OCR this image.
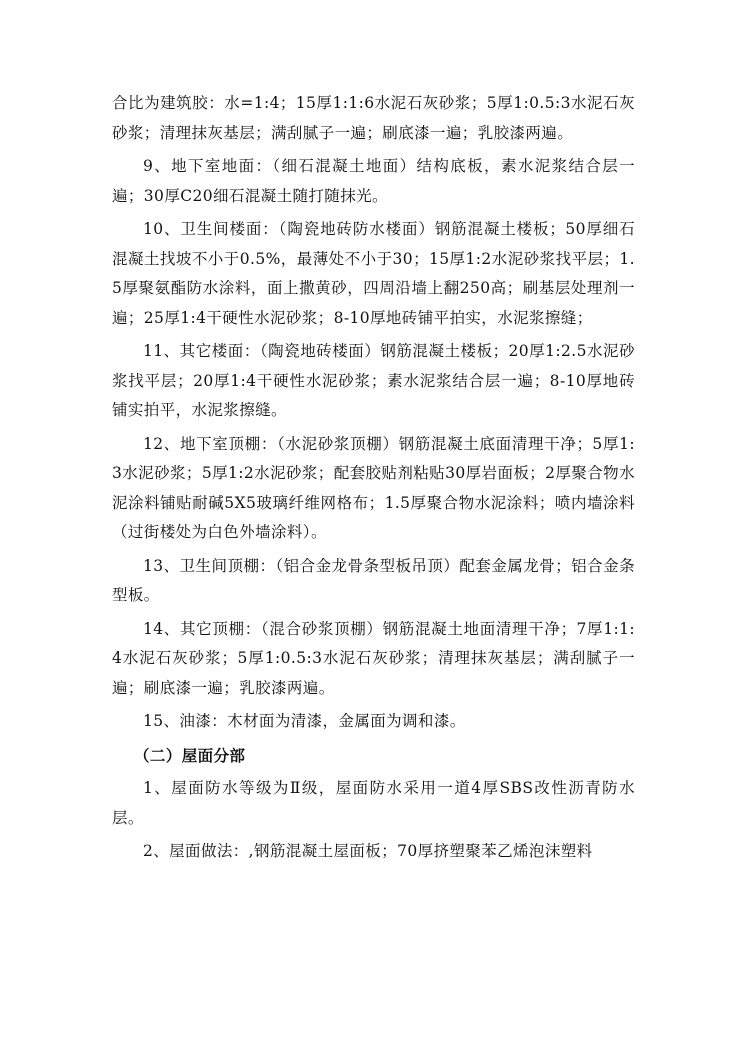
合比为建筑胶：水=1:4；15厚1:1:6水泥石灰砂浆；5厚1:0.5:3水泥石灰砂浆；清理抹灰基层；满刮腻子一遍；刷底漆一遍；乳胶漆两遍。

9、地下室地面：（细石混凝土地面）结构底板，素水泥浆结合层一遍；30厚C20细石混凝土随打随抹光。

10、卫生间楼面：（陶瓷地砖防水楼面）钢筋混凝土楼板；50厚细石混凝土找坡不小于0.5%，最薄处不小于30；15厚1:2水泥砂浆找平层；1.5厚聚氨酯防水涂料，面上撒黄砂，四周沿墙上翻250高；刷基层处理剂一遍；25厚1:4干硬性水泥砂浆；8-10厚地砖铺平拍实，水泥浆擦缝；

11、其它楼面：（陶瓷地砖楼面）钢筋混凝土楼板；20厚1:2.5水泥砂浆找平层；20厚1:4干硬性水泥砂浆；素水泥浆结合层一遍；8-10厚地砖铺实拍平，水泥浆擦缝。

12、地下室顶棚：（水泥砂浆顶棚）钢筋混凝土底面清理干净；5厚1:3水泥砂浆；5厚1:2水泥砂浆；配套胶贴剂粘贴30厚岩面板；2厚聚合物水泥涂料铺贴耐碱5X5玻璃纤维网格布；1.5厚聚合物水泥涂料；喷内墙涂料（过街楼处为白色外墙涂料）。

13、卫生间顶棚：（铝合金龙骨条型板吊顶）配套金属龙骨；铝合金条型板。

14、其它顶棚：（混合砂浆顶棚）钢筋混凝土地面清理干净；7厚1:1:4水泥石灰砂浆；5厚1:0.5:3水泥石灰砂浆；清理抹灰基层；满刮腻子一遍；刷底漆一遍；乳胶漆两遍。

15、油漆：木材面为清漆，金属面为调和漆。

（二）屋面分部

1、屋面防水等级为Ⅱ级，屋面防水采用一道4厚SBS改性沥青防水层。

2、屋面做法：,钢筋混凝土屋面板；70厚挤塑聚苯乙烯泡沫塑料
